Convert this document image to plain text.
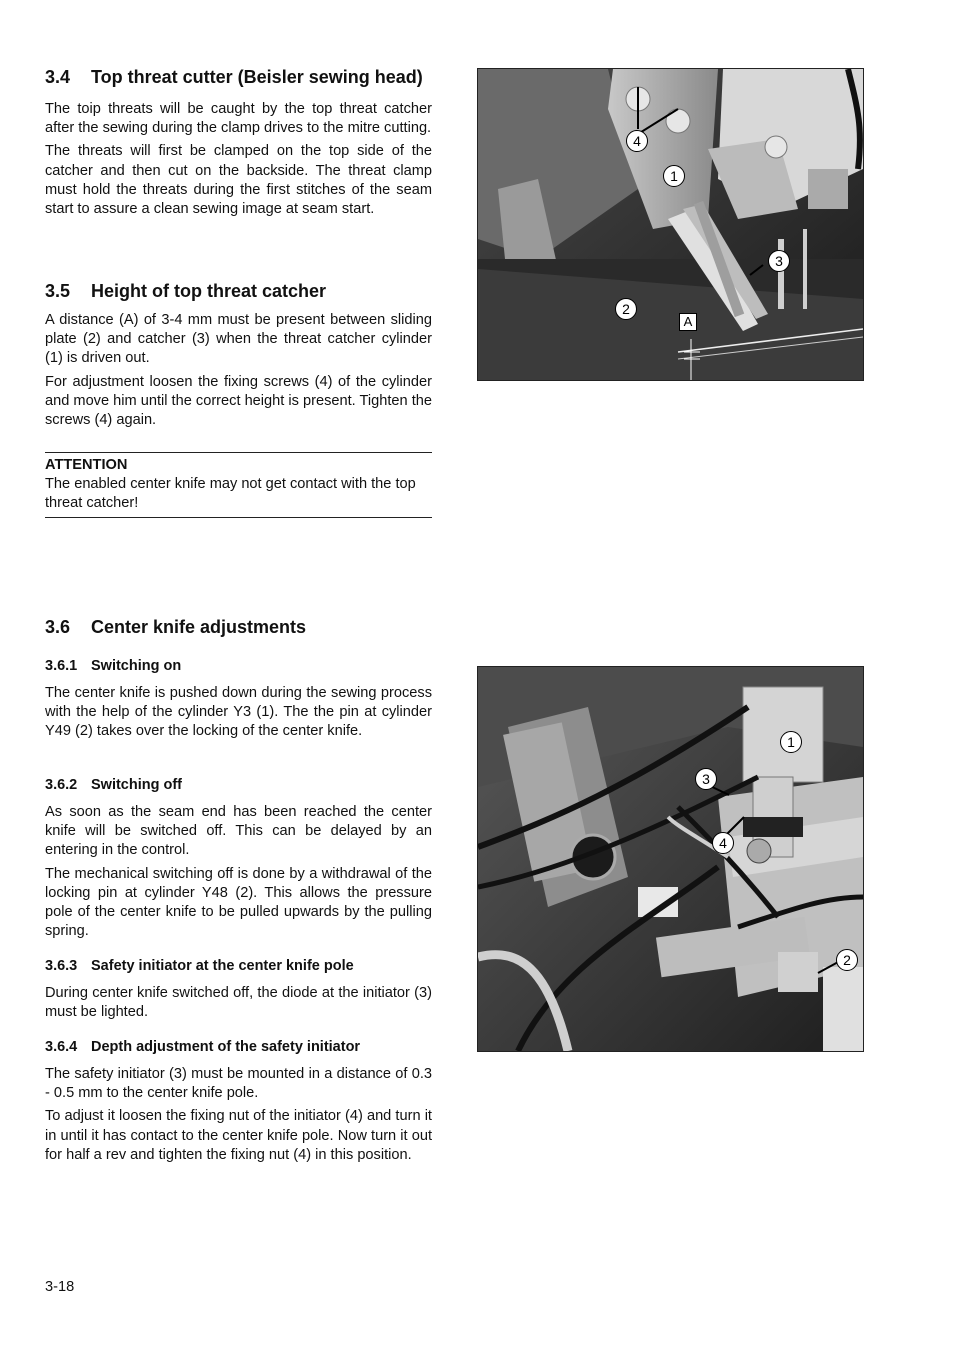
3.4	Top threat cutter (Beisler sewing head)

The toip threats will be caught by the top threat catcher after the sewing during the clamp drives to the mitre cutting.

The threats will first be clamped on the top side of the catcher and then cut on the backside. The threat clamp must hold the threats during the first stitches of the seam start to assure a clean sewing image at seam start.

3.5	Height of top threat catcher

A distance (A) of 3-4 mm must be present between sliding plate (2) and catcher (3) when the threat catcher cylinder (1) is driven out.

For adjustment loosen the fixing screws (4) of the cylinder and move him until the correct height is present. Tighten the screws (4) again.

ATTENTION

The enabled center knife may not get contact with the top threat catcher!

3.6	Center knife adjustments
3.6.1 Switching on

The center knife is pushed down during the sewing process with the help of the cylinder Y3 (1). The the pin at cylinder Y49 (2) takes over the locking of the center knife.

3.6.2 Switching off

As soon as the seam end has been reached the center knife will be switched off. This can be delayed by an entering in the control.

The mechanical switching off is done by a withdrawal of the locking pin at cylinder Y48 (2). This allows the pressure pole of the center knife to be pulled upwards by the pulling spring.

3.6.3 Safety initiator at the center knife pole

During center knife switched off, the diode at the initiator (3) must be lighted.

3.6.4 Depth adjustment of the safety initiator

The safety initiator (3) must be mounted in a distance of 0.3 - 0.5 mm to the center knife pole.

To adjust it loosen the fixing nut of the initiator (4) and turn it in until it has contact to the center knife pole. Now turn it out for half a rev and tighten the fixing nut (4) in this position.

4
1
3
2
A
1
3
4
2
3-18
